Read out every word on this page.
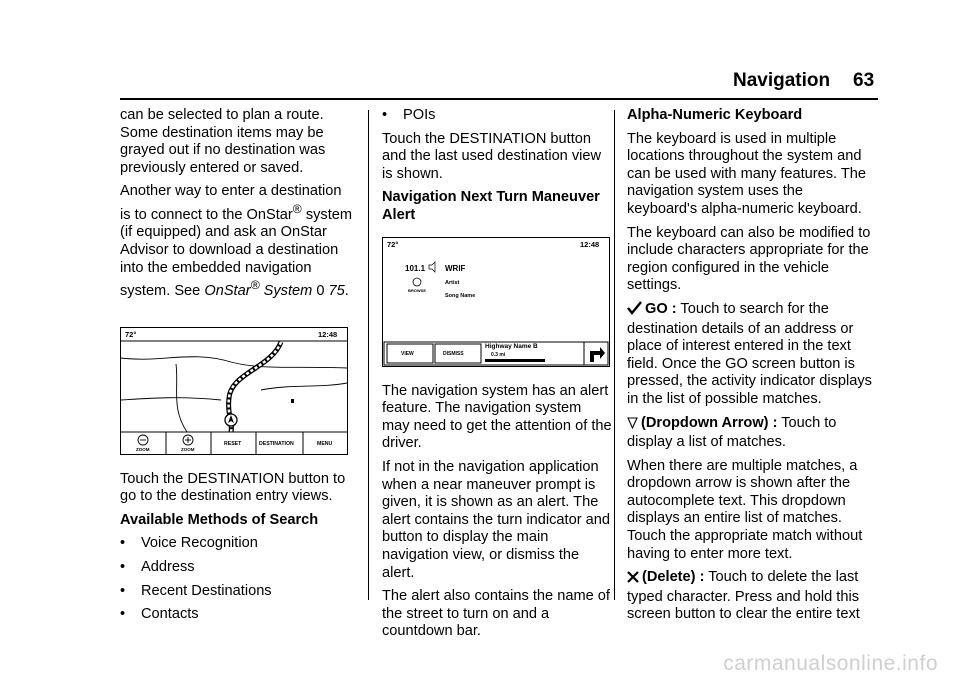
Navigation 63

can be selected to plan a route. Some destination items may be grayed out if no destination was previously entered or saved.

Another way to enter a destination is to connect to the OnStar® system (if equipped) and ask an OnStar Advisor to download a destination into the embedded navigation system. See OnStar® System 0 75.

72°	12:48
ZOOM	ZOOM
RESET	DESTINATION	MENU

Touch the DESTINATION button to go to the destination entry views.

Available Methods of Search
•	Voice Recognition
•	Address
•	Recent Destinations
•	Contacts
•	POIs

Touch the DESTINATION button and the last used destination view is shown.

Navigation Next Turn Maneuver Alert
72°	12:48
101.1 WRIF
BROWSE
Artist
Song Name
VIEW	DISMISS
Highway Name B
0.3 mi

The navigation system has an alert feature. The navigation system may need to get the attention of the driver.

If not in the navigation application when a near maneuver prompt is given, it is shown as an alert. The alert contains the turn indicator and button to display the main navigation view, or dismiss the alert.

The alert also contains the name of the street to turn on and a countdown bar.

Alpha-Numeric Keyboard

The keyboard is used in multiple locations throughout the system and can be used with many features. The navigation system uses the keyboard's alpha-numeric keyboard.

The keyboard can also be modified to include characters appropriate for the region configured in the vehicle settings.

GO : Touch to search for the destination details of an address or place of interest entered in the text field. Once the GO screen button is pressed, the activity indicator displays in the list of possible matches.

(Dropdown Arrow) : Touch to display a list of matches.

When there are multiple matches, a dropdown arrow is shown after the autocomplete text. This dropdown displays an entire list of matches. Touch the appropriate match without having to enter more text.

(Delete) : Touch to delete the last typed character. Press and hold this screen button to clear the entire text

carmanualsonline.info
